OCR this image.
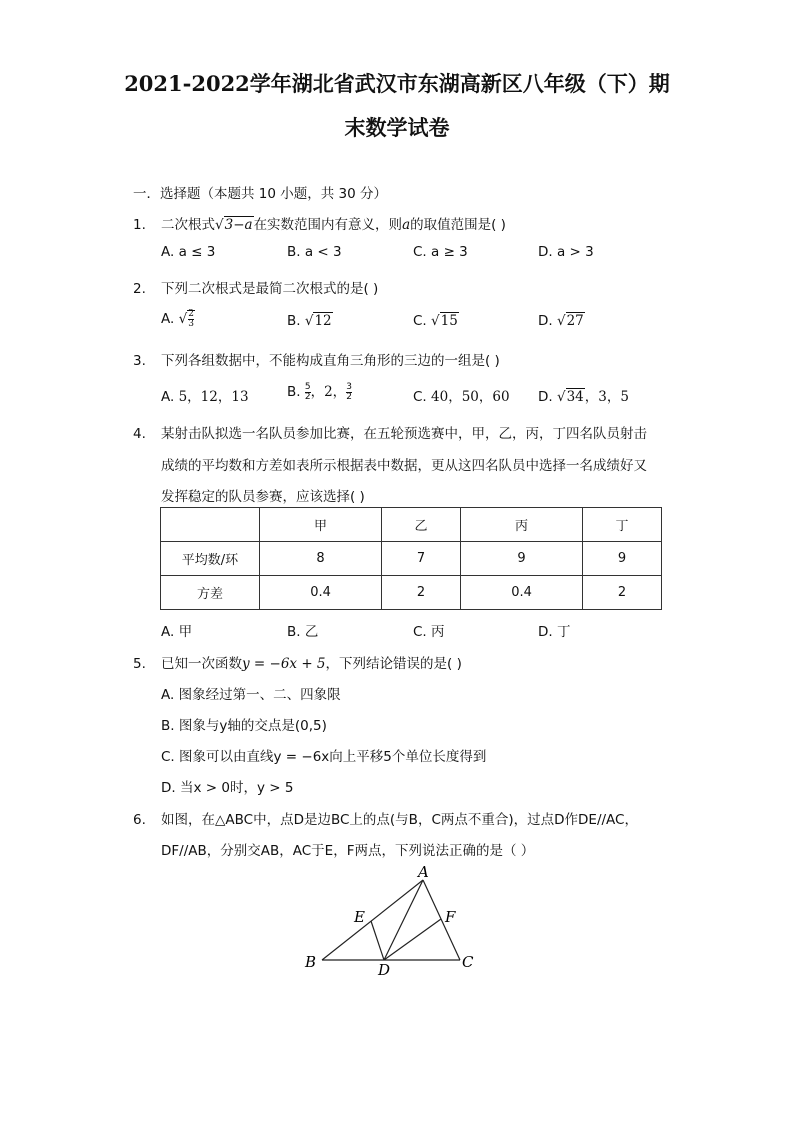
2021-2022学年湖北省武汉市东湖高新区八年级（下）期
末数学试卷
一．选择题（本题共 10 小题，共 30 分）
1. 二次根式√3−a在实数范围内有意义，则a的取值范围是( )
A. a ≤ 3	B. a < 3	C. a ≥ 3	D. a > 3
2. 下列二次根式是最简二次根式的是( )
A. √ $\frac{2}{3}$	B. √12	C. √15	D. √27
3. 下列各组数据中，不能构成直角三角形的三边的一组是( )
A. 5，12，13	B. $\frac{5}{2}$ ，2， $\frac{3}{2}$	C. 40，50，60 D. √34，3，5
4. 某射击队拟选一名队员参加比赛，在五轮预选赛中，甲，乙，丙，丁四名队员射击
成绩的平均数和方差如表所示根据表中数据，更从这四名队员中选择一名成绩好又
发挥稳定的队员参赛，应该选择( )
	甲	乙	丙	丁
平均数/环	8	7	9	9
方差	0.4	2	0.4	2
A. 甲	B. 乙	C. 丙	D. 丁
5. 已知一次函数y = −6x + 5，下列结论错误的是( )
A. 图象经过第一、二、四象限
B. 图象与y轴的交点是(0,5)
C. 图象可以由直线y = −6x向上平移5个单位长度得到
D. 当x > 0时，y > 5
6. 如图，在△ABC中，点D是边BC上的点(与B，C两点不重合)，过点D作DE//AC，
DF//AB，分别交AB，AC于E，F两点，下列说法正确的是（ ）
A
B	C
D
E	F
